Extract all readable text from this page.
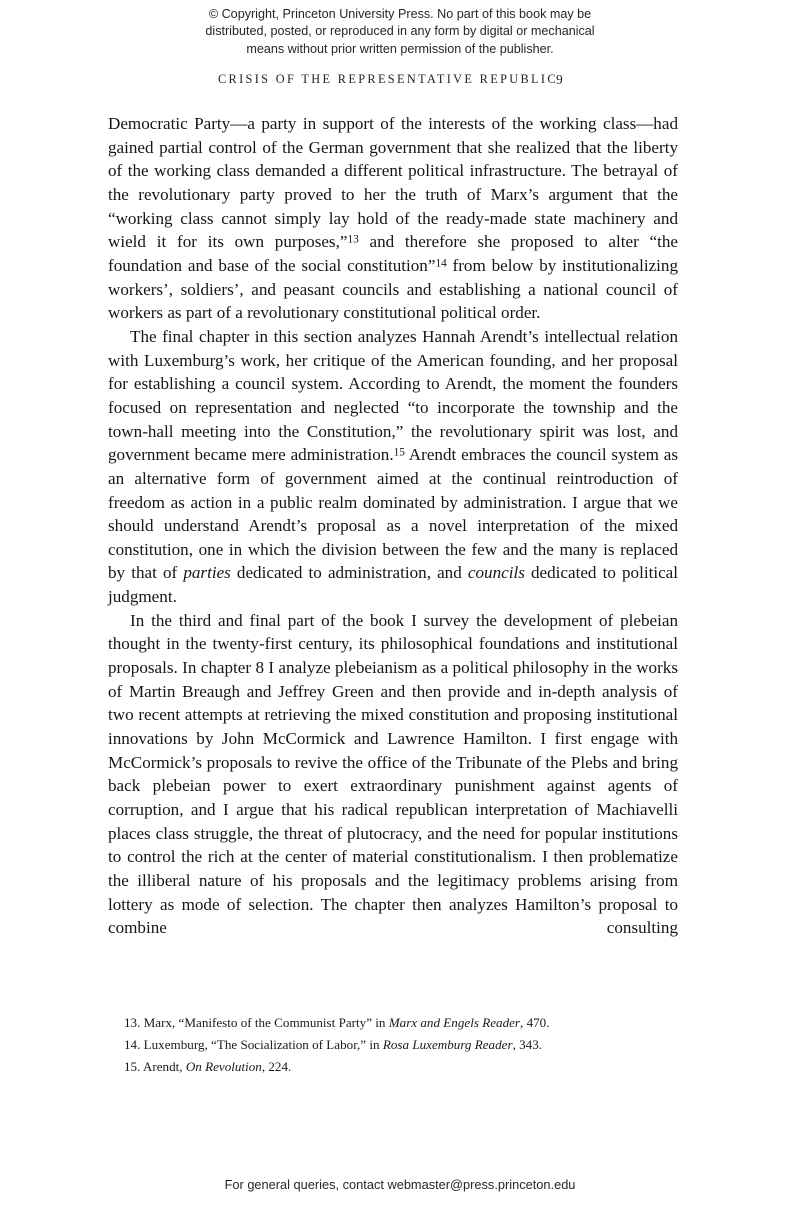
© Copyright, Princeton University Press. No part of this book may be
distributed, posted, or reproduced in any form by digital or mechanical
means without prior written permission of the publisher.
CRISIS OF THE REPRESENTATIVE REPUBLIC
9

Democratic Party—a party in support of the interests of the working class—had gained partial control of the German government that she realized that the liberty of the working class demanded a different political infrastructure. The betrayal of the revolutionary party proved to her the truth of Marx’s argument that the “working class cannot simply lay hold of the ready-made state machinery and wield it for its own purposes,”$^{13}$ and therefore she proposed to alter “the foundation and base of the social constitution”$^{14}$ from below by institutionalizing workers’, soldiers’, and peasant councils and establishing a national council of workers as part of a revolutionary constitutional political order.

The final chapter in this section analyzes Hannah Arendt’s intellectual relation with Luxemburg’s work, her critique of the American founding, and her proposal for establishing a council system. According to Arendt, the moment the founders focused on representation and neglected “to incorporate the township and the town-hall meeting into the Constitution,” the revolutionary spirit was lost, and government became mere administration.$^{15}$ Arendt embraces the council system as an alternative form of government aimed at the continual reintroduction of freedom as action in a public realm dominated by administration. I argue that we should understand Arendt’s proposal as a novel interpretation of the mixed constitution, one in which the division between the few and the many is replaced by that of parties dedicated to administration, and councils dedicated to political judgment.

In the third and final part of the book I survey the development of plebeian thought in the twenty-first century, its philosophical foundations and institutional proposals. In chapter 8 I analyze plebeianism as a political philosophy in the works of Martin Breaugh and Jeffrey Green and then provide and in-depth analysis of two recent attempts at retrieving the mixed constitution and proposing institutional innovations by John McCormick and Lawrence Hamilton. I first engage with McCormick’s proposals to revive the office of the Tribunate of the Plebs and bring back plebeian power to exert extraordinary punishment against agents of corruption, and I argue that his radical republican interpretation of Machiavelli places class struggle, the threat of plutocracy, and the need for popular institutions to control the rich at the center of material constitutionalism. I then problematize the illiberal nature of his proposals and the legitimacy problems arising from lottery as mode of selection. The chapter then analyzes Hamilton’s proposal to combine consulting

13. Marx, “Manifesto of the Communist Party” in Marx and Engels Reader, 470.

14. Luxemburg, “The Socialization of Labor,” in Rosa Luxemburg Reader, 343.

15. Arendt, On Revolution, 224.

For general queries, contact webmaster@press.princeton.edu
